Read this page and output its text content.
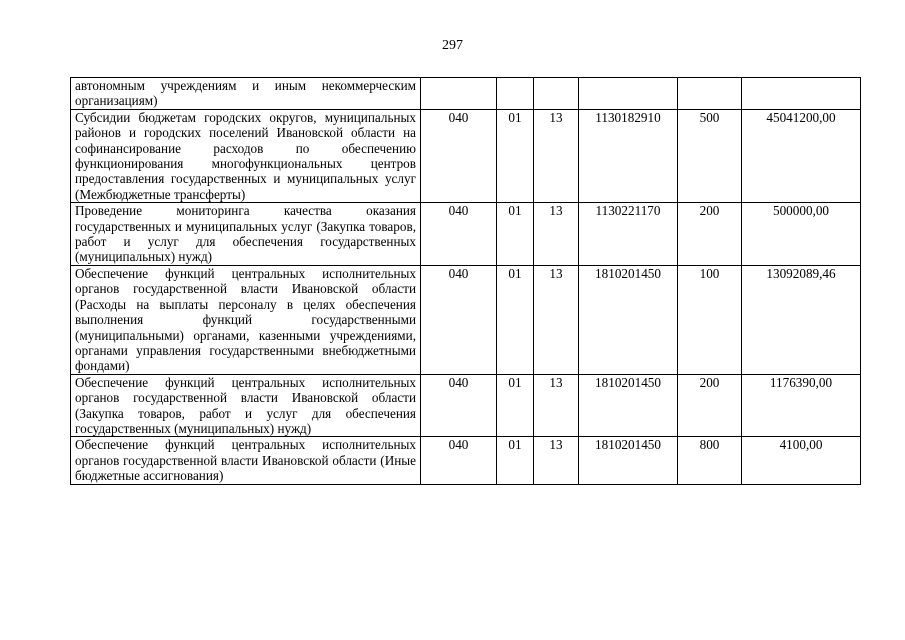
297
автономным учреждениям и иным некоммерческим организациям)						
Субсидии бюджетам городских округов, муниципальных районов и городских поселений Ивановской области на софинансирование расходов по обеспечению функционирования многофункциональных центров предоставления государственных и муниципальных услуг (Межбюджетные трансферты)	040	01	13	1130182910	500	45041200,00
Проведение мониторинга качества оказания государственных и муниципальных услуг (Закупка товаров, работ и услуг для обеспечения государственных (муниципальных) нужд)	040	01	13	1130221170	200	500000,00
Обеспечение функций центральных исполнительных органов государственной власти Ивановской области (Расходы на выплаты персоналу в целях обеспечения выполнения функций государственными (муниципальными) органами, казенными учреждениями, органами управления государственными внебюджетными фондами)	040	01	13	1810201450	100	13092089,46
Обеспечение функций центральных исполнительных органов государственной власти Ивановской области (Закупка товаров, работ и услуг для обеспечения государственных (муниципальных) нужд)	040	01	13	1810201450	200	1176390,00
Обеспечение функций центральных исполнительных органов государственной власти Ивановской области (Иные бюджетные ассигнования)	040	01	13	1810201450	800	4100,00
